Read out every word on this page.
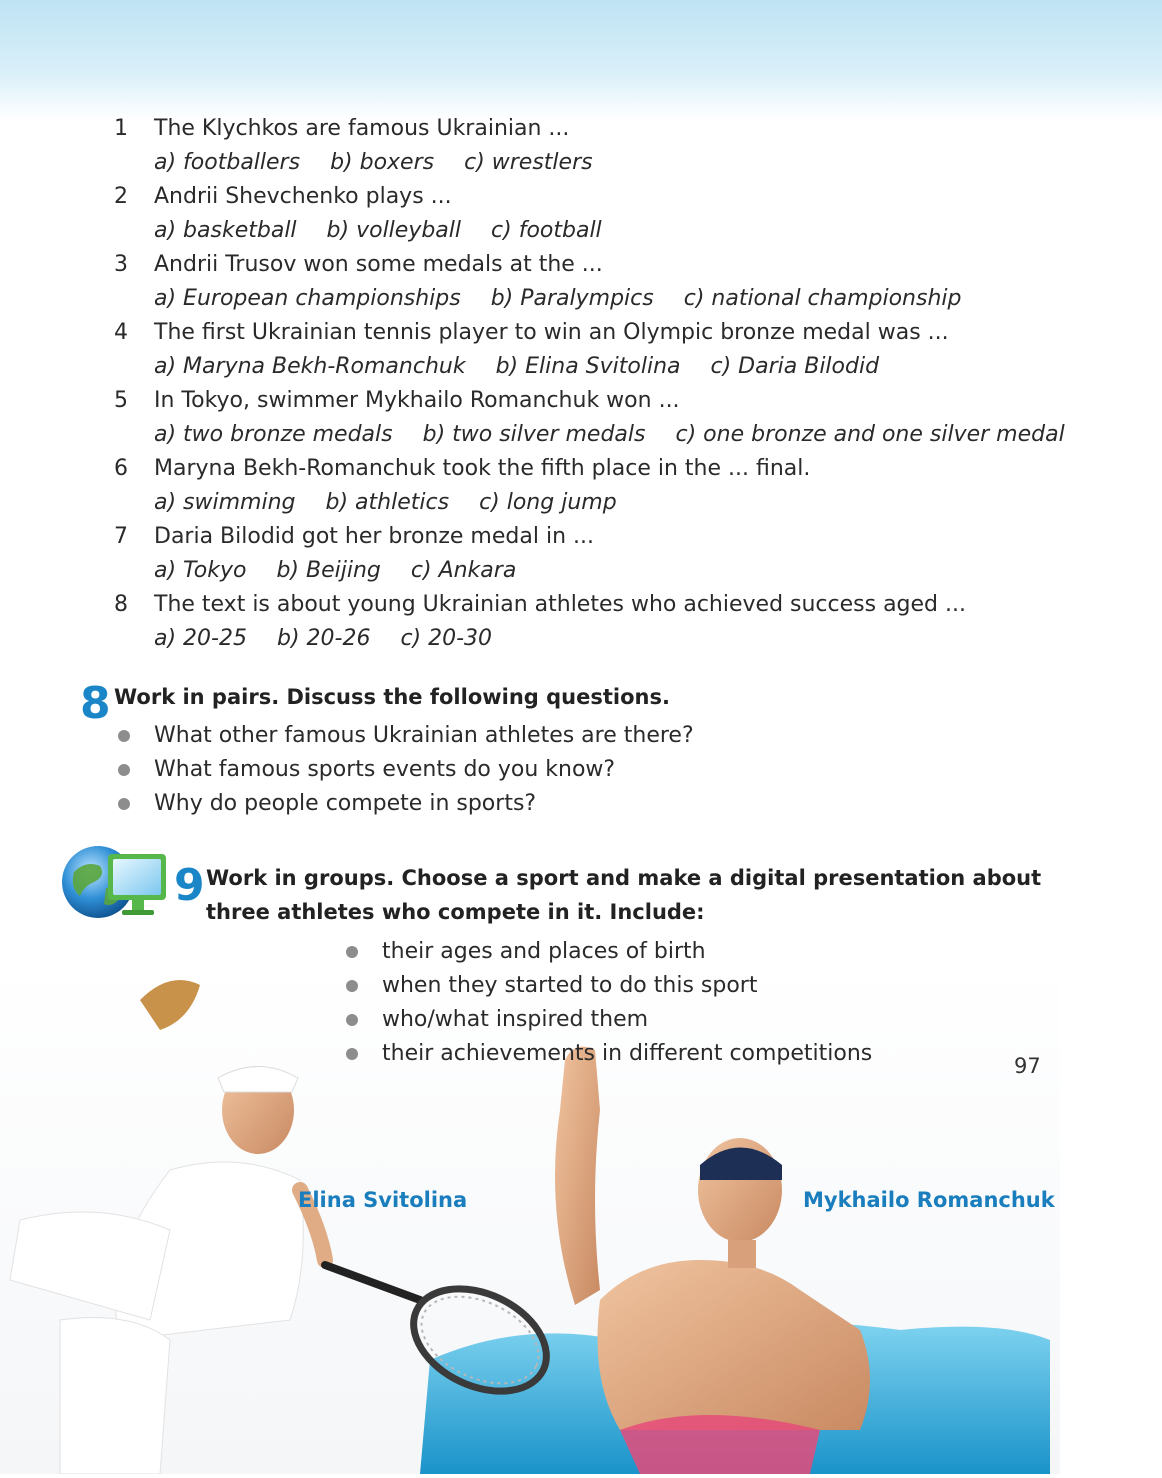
1 The Klychkos are famous Ukrainian ...
a) footballers b) boxers c) wrestlers
2 Andrii Shevchenko plays ...
a) basketball b) volleyball c) football
3 Andrii Trusov won some medals at the ...
a) European championships b) Paralympics c) national championship
4 The first Ukrainian tennis player to win an Olympic bronze medal was ...
a) Maryna Bekh-Romanchuk b) Elina Svitolina c) Daria Bilodid
5 In Tokyo, swimmer Mykhailo Romanchuk won ...
a) two bronze medals b) two silver medals c) one bronze and one silver medal
6 Maryna Bekh-Romanchuk took the fifth place in the ... final.
a) swimming b) athletics c) long jump
7 Daria Bilodid got her bronze medal in ...
a) Tokyo b) Beijing c) Ankara
8 The text is about young Ukrainian athletes who achieved success aged ...
a) 20-25 b) 20-26 c) 20-30
8 Work in pairs. Discuss the following questions.
What other famous Ukrainian athletes are there?
What famous sports events do you know?
Why do people compete in sports?
9 Work in groups. Choose a sport and make a digital presentation about
three athletes who compete in it. Include:
their ages and places of birth
when they started to do this sport
who/what inspired them
their achievements in different competitions
Elina Svitolina	Mykhailo Romanchuk
97
